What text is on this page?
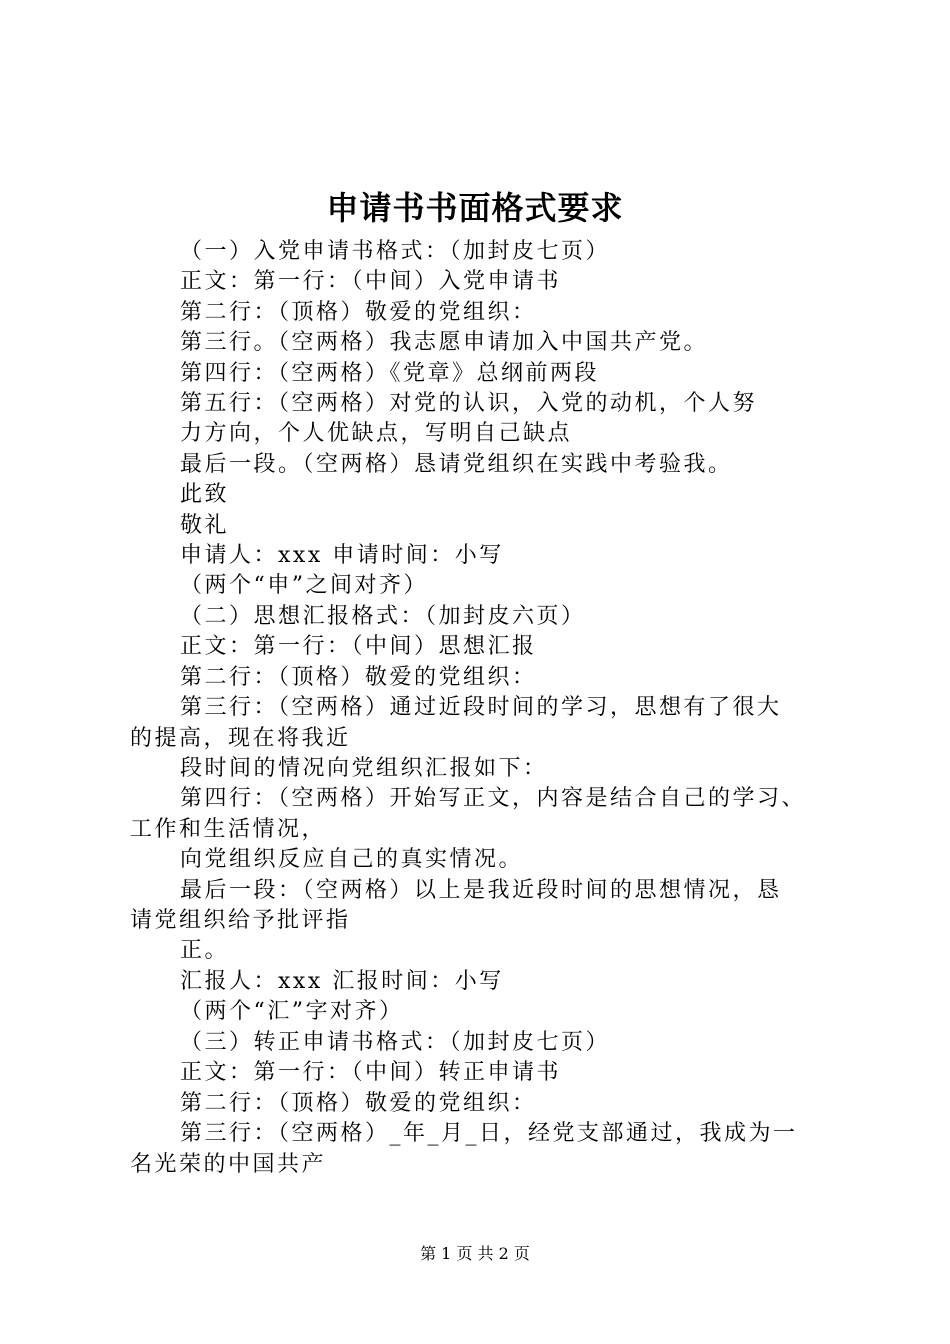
申请书书面格式要求
（一）入党申请书格式：（加封皮七页）
正文：第一行：（中间）入党申请书
第二行：（顶格）敬爱的党组织：
第三行。（空两格）我志愿申请加入中国共产党。
第四行：（空两格）《党章》总纲前两段
第五行：（空两格）对党的认识，入党的动机，个人努
力方向，个人优缺点，写明自己缺点
最后一段。（空两格）恳请党组织在实践中考验我。
此致
敬礼
申请人：xxx 申请时间：小写
（两个“申”之间对齐）
（二）思想汇报格式：（加封皮六页）
正文：第一行：（中间）思想汇报
第二行：（顶格）敬爱的党组织：
第三行：（空两格）通过近段时间的学习，思想有了很大
的提高，现在将我近
段时间的情况向党组织汇报如下：
第四行：（空两格）开始写正文，内容是结合自己的学习、
工作和生活情况，
向党组织反应自己的真实情况。
最后一段：（空两格）以上是我近段时间的思想情况，恳
请党组织给予批评指
正。
汇报人：xxx 汇报时间：小写
（两个“汇”字对齐）
（三）转正申请书格式：（加封皮七页）
正文：第一行：（中间）转正申请书
第二行：（顶格）敬爱的党组织：
第三行：（空两格）_年_月_日，经党支部通过，我成为一
名光荣的中国共产
第 1 页 共 2 页
